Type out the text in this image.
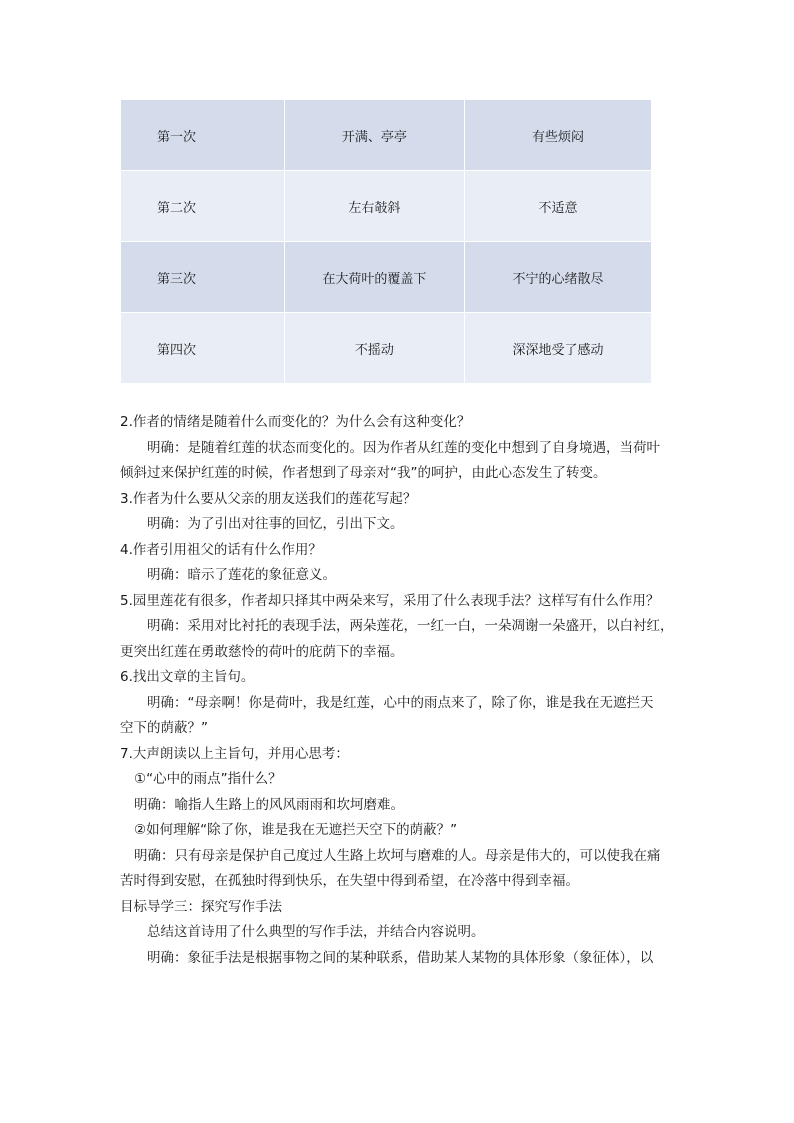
第一次	开满、亭亭	有些烦闷
第二次	左右攲斜	不适意
第三次	在大荷叶的覆盖下	不宁的心绪散尽
第四次	不摇动	深深地受了感动
2.作者的情绪是随着什么而变化的？为什么会有这种变化？
明确：是随着红莲的状态而变化的。因为作者从红莲的变化中想到了自身境遇，当荷叶
倾斜过来保护红莲的时候，作者想到了母亲对“我”的呵护，由此心态发生了转变。
3.作者为什么要从父亲的朋友送我们的莲花写起？
明确：为了引出对往事的回忆，引出下文。
4.作者引用祖父的话有什么作用？
明确：暗示了莲花的象征意义。
5.园里莲花有很多，作者却只择其中两朵来写，采用了什么表现手法？这样写有什么作用？
明确：采用对比衬托的表现手法，两朵莲花，一红一白，一朵凋谢一朵盛开，以白衬红，
更突出红莲在勇敢慈怜的荷叶的庇荫下的幸福。
6.找出文章的主旨句。
明确：“母亲啊！你是荷叶，我是红莲，心中的雨点来了，除了你，谁是我在无遮拦天
空下的荫蔽？”
7.大声朗读以上主旨句，并用心思考：
①“心中的雨点”指什么？
明确：喻指人生路上的风风雨雨和坎坷磨难。
②如何理解“除了你，谁是我在无遮拦天空下的荫蔽？”
明确：只有母亲是保护自己度过人生路上坎坷与磨难的人。母亲是伟大的，可以使我在痛
苦时得到安慰，在孤独时得到快乐，在失望中得到希望，在冷落中得到幸福。
目标导学三：探究写作手法
总结这首诗用了什么典型的写作手法，并结合内容说明。
明确：象征手法是根据事物之间的某种联系，借助某人某物的具体形象（象征体），以
